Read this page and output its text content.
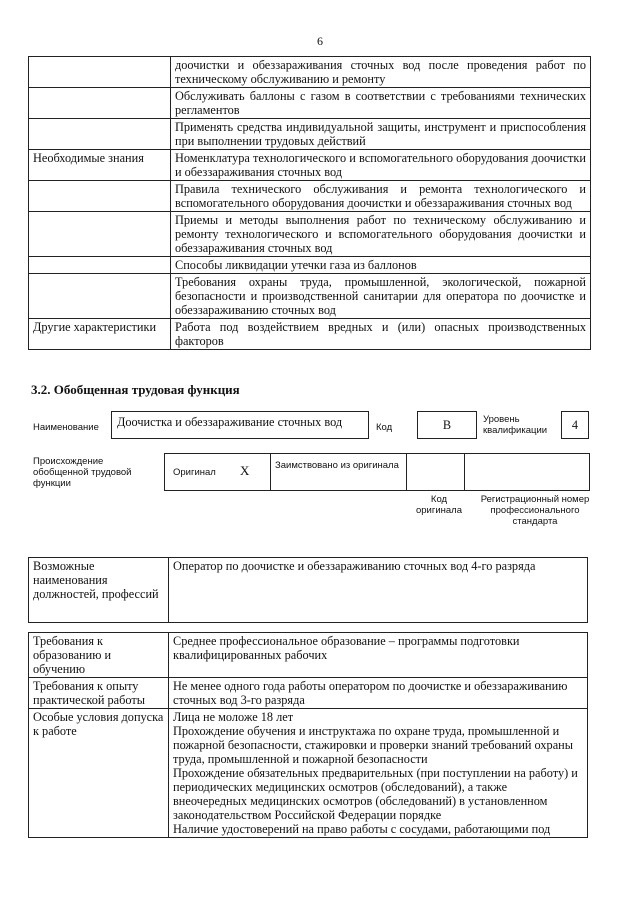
6
	доочистки и обеззараживания сточных вод после проведения работ по техническому обслуживанию и ремонту
	Обслуживать баллоны с газом в соответствии с требованиями технических регламентов
	Применять средства индивидуальной защиты, инструмент и приспособления при выполнении трудовых действий
Необходимые знания	Номенклатура технологического и вспомогательного оборудования доочистки и обеззараживания сточных вод
	Правила технического обслуживания и ремонта технологического и вспомогательного оборудования доочистки и обеззараживания сточных вод
	Приемы и методы выполнения работ по техническому обслуживанию и ремонту технологического и вспомогательного оборудования доочистки и обеззараживания сточных вод
	Способы ликвидации утечки газа из баллонов
	Требования охраны труда, промышленной, экологической, пожарной безопасности и производственной санитарии для оператора по доочистке и обеззараживанию сточных вод
Другие характеристики	Работа под воздействием вредных и (или) опасных производственных факторов
3.2. Обобщенная трудовая функция
Наименование	Доочистка и обеззараживание сточных вод	Код	B	Уровень квалификации	4
Происхождение обобщенной трудовой функции
Оригинал X	Заимствовано из оригинала
Код оригинала
Регистрационный номер профессионального стандарта
Возможные наименования должностей, профессий	Оператор по доочистке и обеззараживанию сточных вод 4-го разряда
Требования к образованию и обучению	Среднее профессиональное образование – программы подготовки квалифицированных рабочих

Требования к опыту практической работы	Не менее одного года работы оператором по доочистке и обеззараживанию сточных вод 3-го разряда

Особые условия допуска к работе	Лица не моложе 18 лет
Прохождение обучения и инструктажа по охране труда, промышленной и пожарной безопасности, стажировки и проверки знаний требований охраны труда, промышленной и пожарной безопасности
Прохождение обязательных предварительных (при поступлении на работу) и периодических медицинских осмотров (обследований), а также внеочередных медицинских осмотров (обследований) в установленном законодательством Российской Федерации порядке
Наличие удостоверений на право работы с сосудами, работающими под
